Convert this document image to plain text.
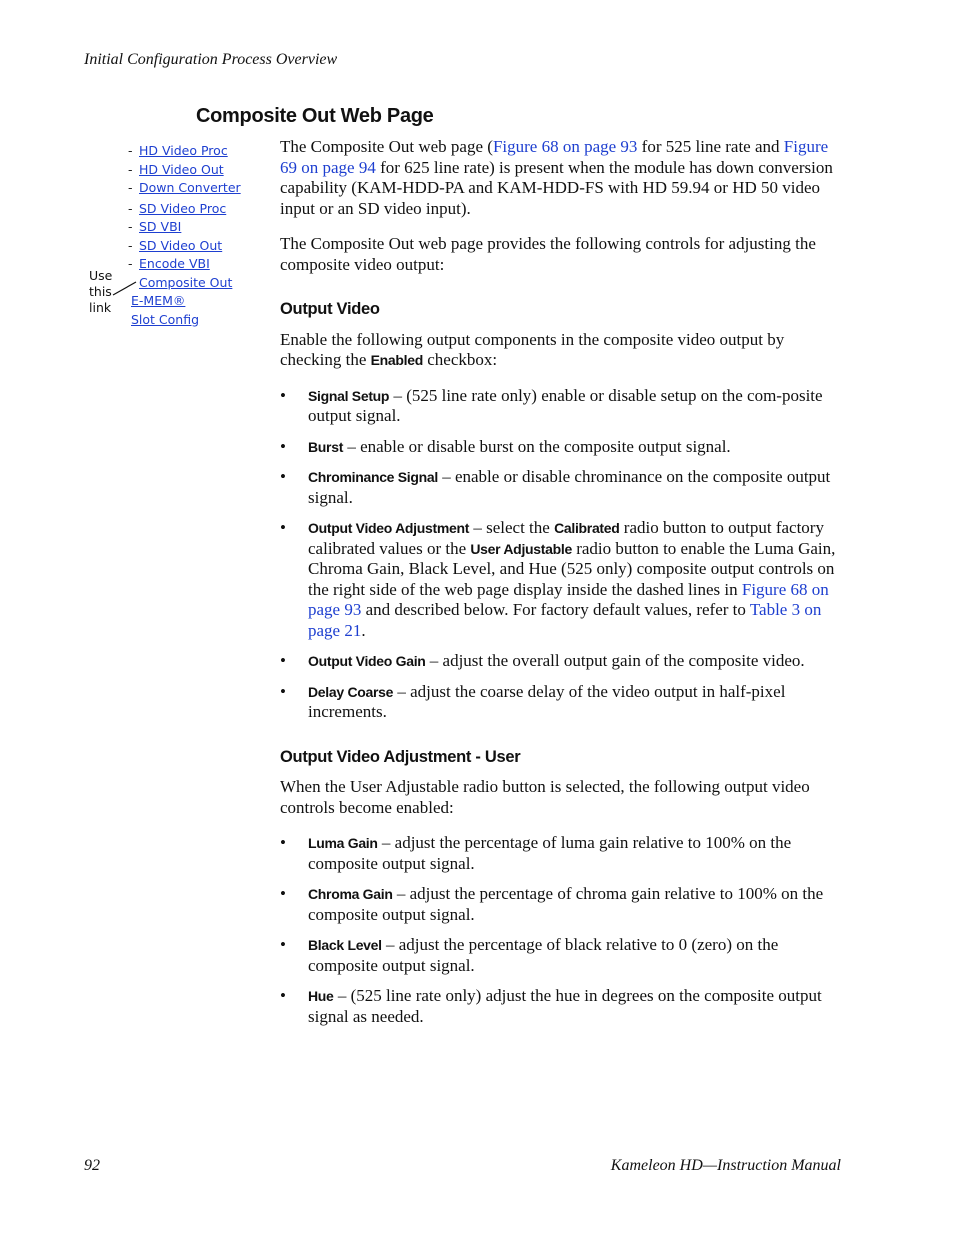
Initial Configuration Process Overview
Composite Out Web Page
- HD Video Proc
- HD Video Out
- Down Converter
- SD Video Proc
- SD VBI
- SD Video Out
- Encode VBI
Composite Out
E-MEM®
Slot Config
Use
this
link

The Composite Out web page (Figure 68 on page 93 for 525 line rate and Figure 69 on page 94 for 625 line rate) is present when the module has down conversion capability (KAM-HDD-PA and KAM-HDD-FS with HD 59.94 or HD 50 video input or an SD video input).

The Composite Out web page provides the following controls for adjusting the composite video output:

Output Video

Enable the following output components in the composite video output by checking the Enabled checkbox:

• Signal Setup – (525 line rate only) enable or disable setup on the com-posite output signal.
• Burst – enable or disable burst on the composite output signal.
• Chrominance Signal – enable or disable chrominance on the composite output signal.
• Output Video Adjustment – select the Calibrated radio button to output factory calibrated values or the User Adjustable radio button to enable the Luma Gain, Chroma Gain, Black Level, and Hue (525 only) composite output controls on the right side of the web page display inside the dashed lines in Figure 68 on page 93 and described below. For factory default values, refer to Table 3 on page 21.
• Output Video Gain – adjust the overall output gain of the composite video.
• Delay Coarse – adjust the coarse delay of the video output in half-pixel increments.
Output Video Adjustment - User

When the User Adjustable radio button is selected, the following output video controls become enabled:

• Luma Gain – adjust the percentage of luma gain relative to 100% on the composite output signal.
• Chroma Gain – adjust the percentage of chroma gain relative to 100% on the composite output signal.
• Black Level – adjust the percentage of black relative to 0 (zero) on the composite output signal.
• Hue – (525 line rate only) adjust the hue in degrees on the composite output signal as needed.
92	Kameleon HD—Instruction Manual
